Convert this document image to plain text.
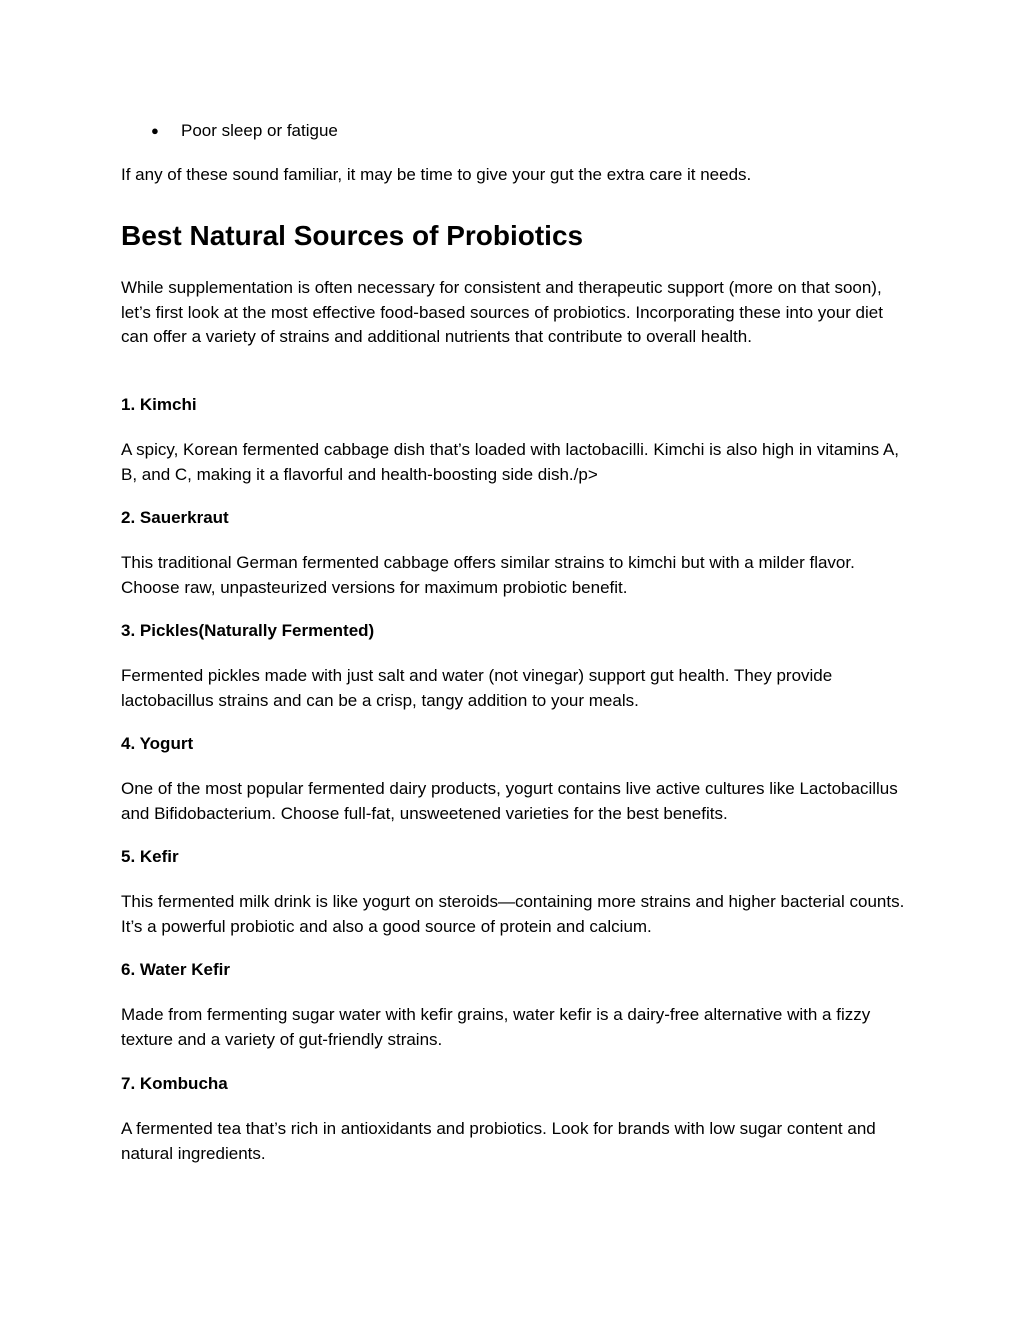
● Poor sleep or fatigue

If any of these sound familiar, it may be time to give your gut the extra care it needs.

Best Natural Sources of Probiotics

While supplementation is often necessary for consistent and therapeutic support (more on that soon), let’s first look at the most effective food-based sources of probiotics. Incorporating these into your diet can offer a variety of strains and additional nutrients that contribute to overall health.

1. Kimchi

A spicy, Korean fermented cabbage dish that’s loaded with lactobacilli. Kimchi is also high in vitamins A, B, and C, making it a flavorful and health-boosting side dish./p>

2. Sauerkraut

This traditional German fermented cabbage offers similar strains to kimchi but with a milder flavor. Choose raw, unpasteurized versions for maximum probiotic benefit.

3. Pickles(Naturally Fermented)

Fermented pickles made with just salt and water (not vinegar) support gut health. They provide lactobacillus strains and can be a crisp, tangy addition to your meals.

4. Yogurt

One of the most popular fermented dairy products, yogurt contains live active cultures like Lactobacillus and Bifidobacterium. Choose full-fat, unsweetened varieties for the best benefits.

5. Kefir

This fermented milk drink is like yogurt on steroids—containing more strains and higher bacterial counts. It’s a powerful probiotic and also a good source of protein and calcium.

6. Water Kefir

Made from fermenting sugar water with kefir grains, water kefir is a dairy-free alternative with a fizzy texture and a variety of gut-friendly strains.

7. Kombucha

A fermented tea that’s rich in antioxidants and probiotics. Look for brands with low sugar content and natural ingredients.
